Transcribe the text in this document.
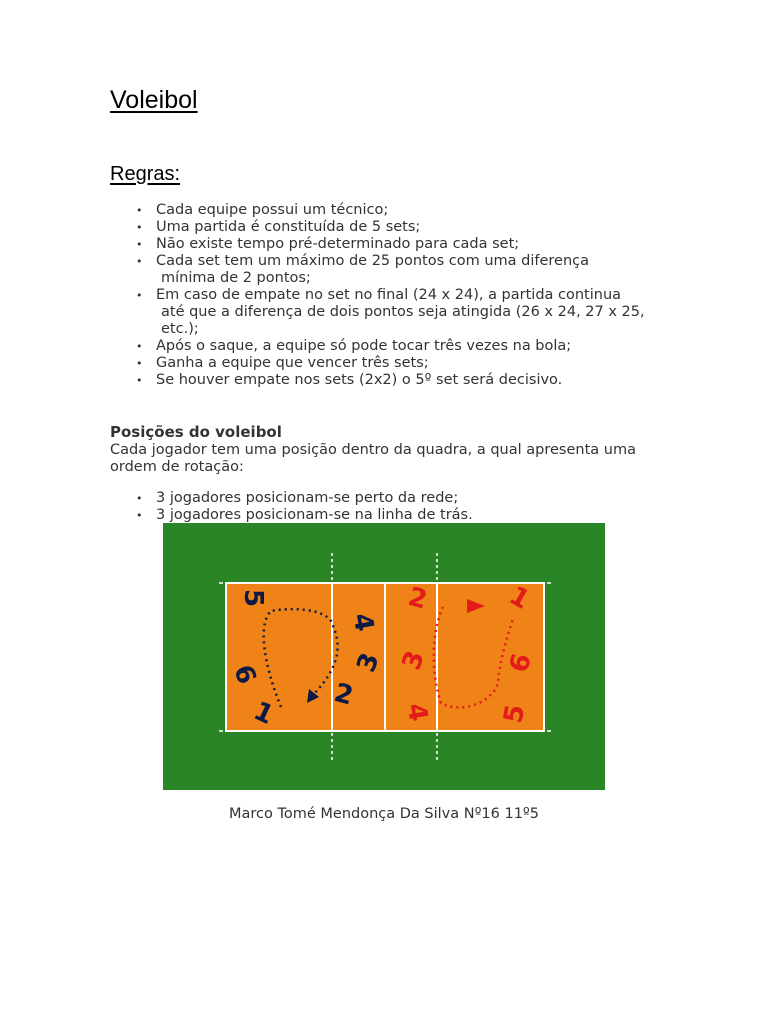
Voleibol
Regras:
• Cada equipe possui um técnico;
• Uma partida é constituída de 5 sets;
• Não existe tempo pré-determinado para cada set;
• Cada set tem um máximo de 25 pontos com uma diferença
mínima de 2 pontos;
• Em caso de empate no set no final (24 x 24), a partida continua
até que a diferença de dois pontos seja atingida (26 x 24, 27 x 25, etc.);
• Após o saque, a equipe só pode tocar três vezes na bola;
• Ganha a equipe que vencer três sets;
• Se houver empate nos sets (2x2) o 5º set será decisivo.
Posições do voleibol

Cada jogador tem uma posição dentro da quadra, a qual apresenta uma ordem de rotação:

• 3 jogadores posicionam-se perto da rede;
• 3 jogadores posicionam-se na linha de trás.
5
1
6
2
3
4
2
3
4
1
6
5
Marco Tomé Mendonça Da Silva Nº16 11º5
